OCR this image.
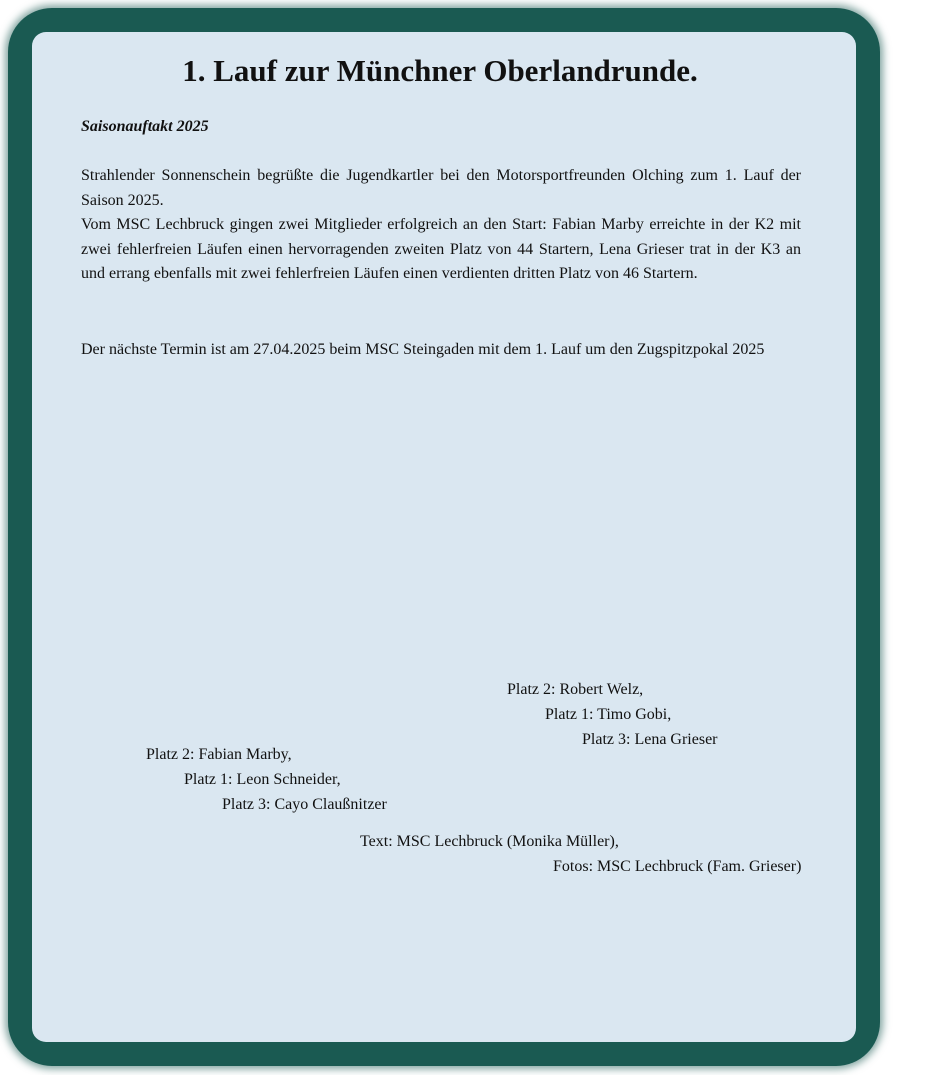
1. Lauf zur Münchner Oberlandrunde.
Saisonauftakt 2025

Strahlender Sonnenschein begrüßte die Jugendkartler bei den Motorsportfreunden Olching zum 1. Lauf der Saison 2025.

Vom MSC Lechbruck gingen zwei Mitglieder erfolgreich an den Start: Fabian Marby erreichte in der K2 mit zwei fehlerfreien Läufen einen hervorragenden zweiten Platz von 44 Startern, Lena Grieser trat in der K3 an und errang ebenfalls mit zwei fehlerfreien Läufen einen verdienten dritten Platz von 46 Startern.

Der nächste Termin ist am 27.04.2025 beim MSC Steingaden mit dem 1. Lauf um den Zugspitzpokal 2025

Platz 2: Robert Welz,
Platz 1: Timo Gobi,
Platz 3: Lena Grieser
Platz 2: Fabian Marby,
Platz 1: Leon Schneider,
Platz 3: Cayo Claußnitzer
Text: MSC Lechbruck (Monika Müller),
Fotos: MSC Lechbruck (Fam. Grieser)
